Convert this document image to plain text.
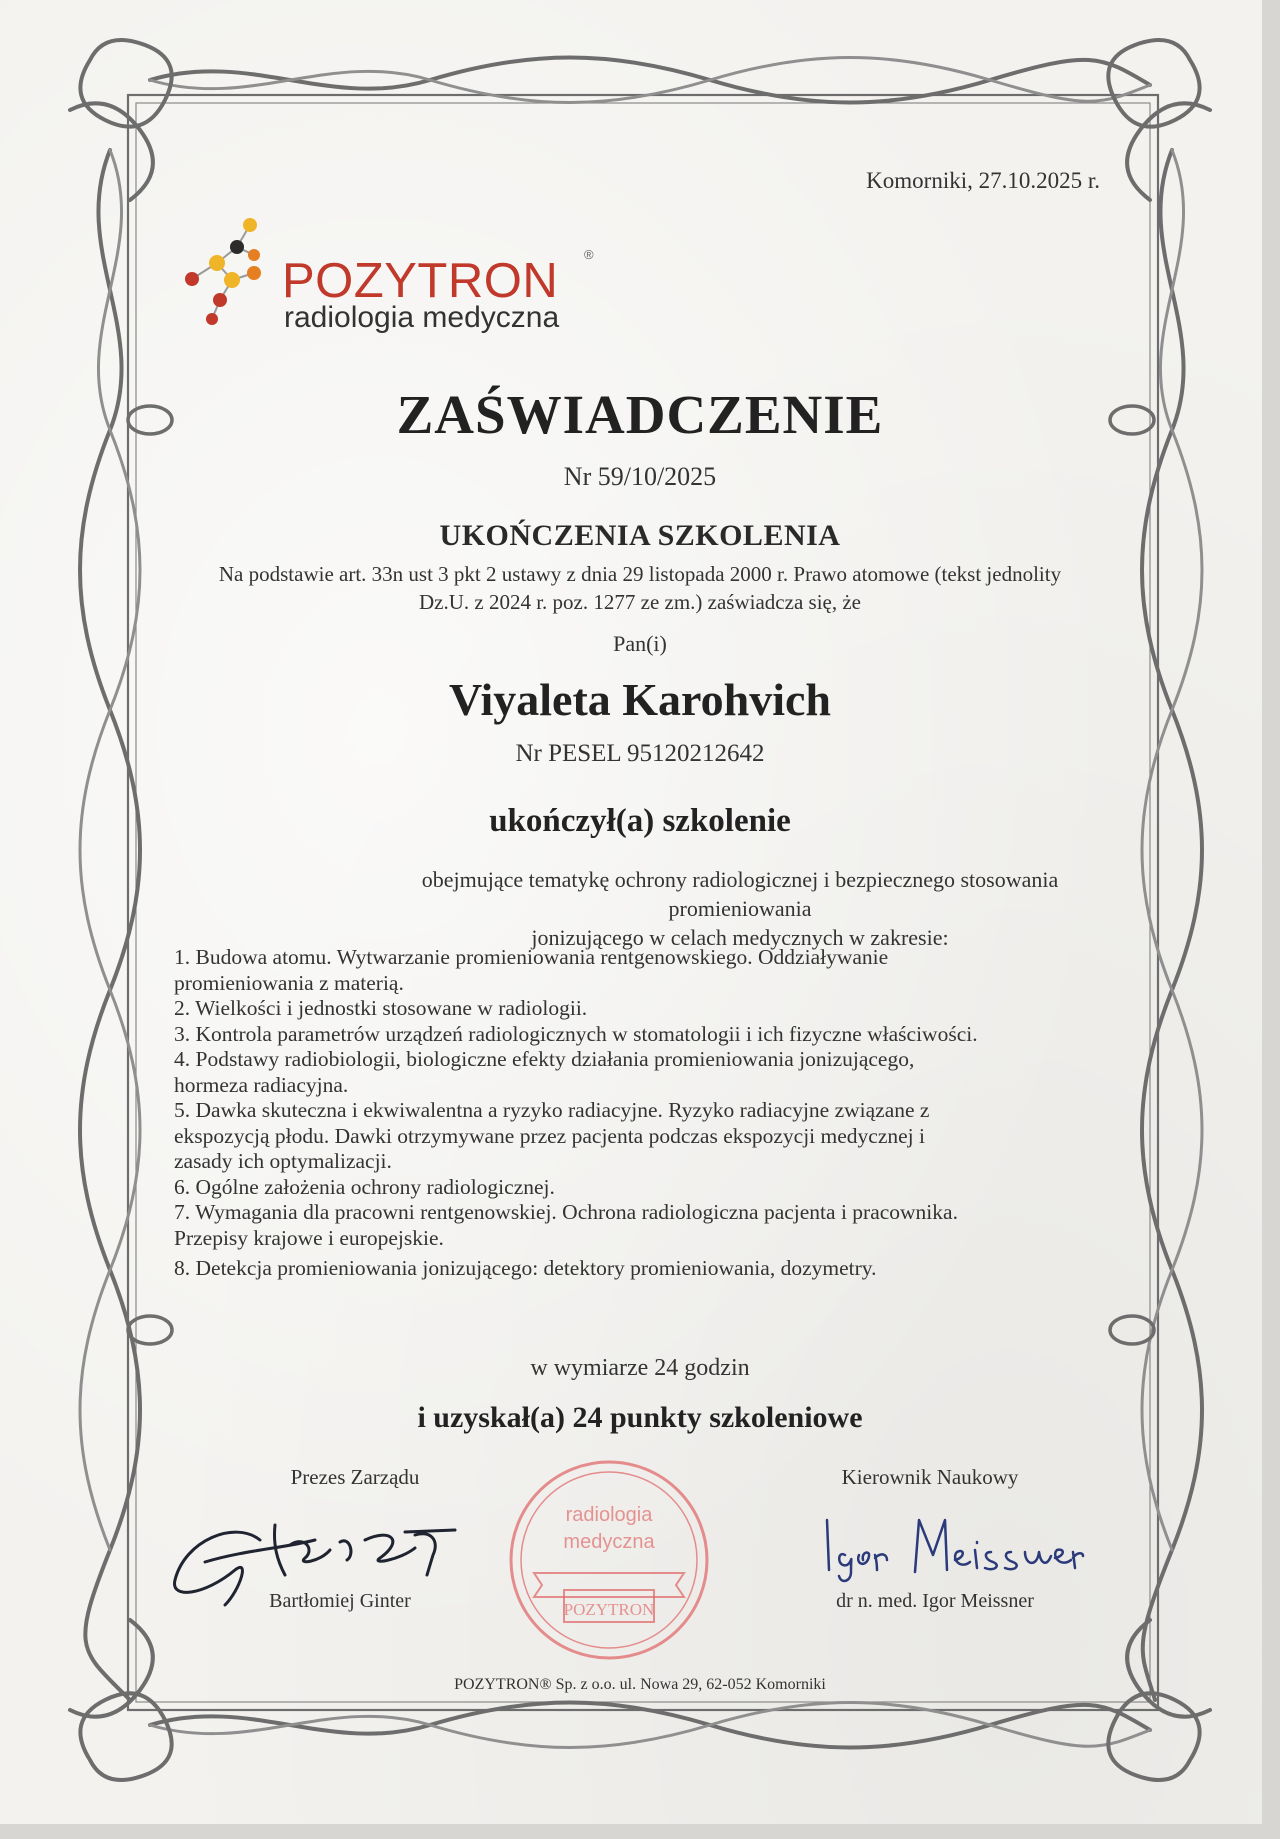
Komorniki, 27.10.2025 r.
POZYTRON ®
radiologia medyczna
ZAŚWIADCZENIE
Nr 59/10/2025
UKOŃCZENIA SZKOLENIA
Na podstawie art. 33n ust 3 pkt 2 ustawy z dnia 29 listopada 2000 r. Prawo atomowe (tekst jednolity
Dz.U. z 2024 r. poz. 1277 ze zm.) zaświadcza się, że
Pan(i)
Viyaleta Karohvich
Nr PESEL 95120212642
ukończył(a) szkolenie
obejmujące tematykę ochrony radiologicznej i bezpiecznego stosowania promieniowania
jonizującego w celach medycznych w zakresie:
1. Budowa atomu. Wytwarzanie promieniowania rentgenowskiego. Oddziaływanie
promieniowania z materią.
2. Wielkości i jednostki stosowane w radiologii.
3. Kontrola parametrów urządzeń radiologicznych w stomatologii i ich fizyczne właściwości.
4. Podstawy radiobiologii, biologiczne efekty działania promieniowania jonizującego,
hormeza radiacyjna.
5. Dawka skuteczna i ekwiwalentna a ryzyko radiacyjne. Ryzyko radiacyjne związane z
ekspozycją płodu. Dawki otrzymywane przez pacjenta podczas ekspozycji medycznej i
zasady ich optymalizacji.
6. Ogólne założenia ochrony radiologicznej.
7. Wymagania dla pracowni rentgenowskiej. Ochrona radiologiczna pacjenta i pracownika.
Przepisy krajowe i europejskie.
8. Detekcja promieniowania jonizującego: detektory promieniowania, dozymetry.
w wymiarze 24 godzin
i uzyskał(a) 24 punkty szkoleniowe
Prezes Zarządu	Kierownik Naukowy
Bartłomiej Ginter
radiologia
medyczna
POZYTRON	dr n. med. Igor Meissner
POZYTRON® Sp. z o.o. ul. Nowa 29, 62-052 Komorniki
